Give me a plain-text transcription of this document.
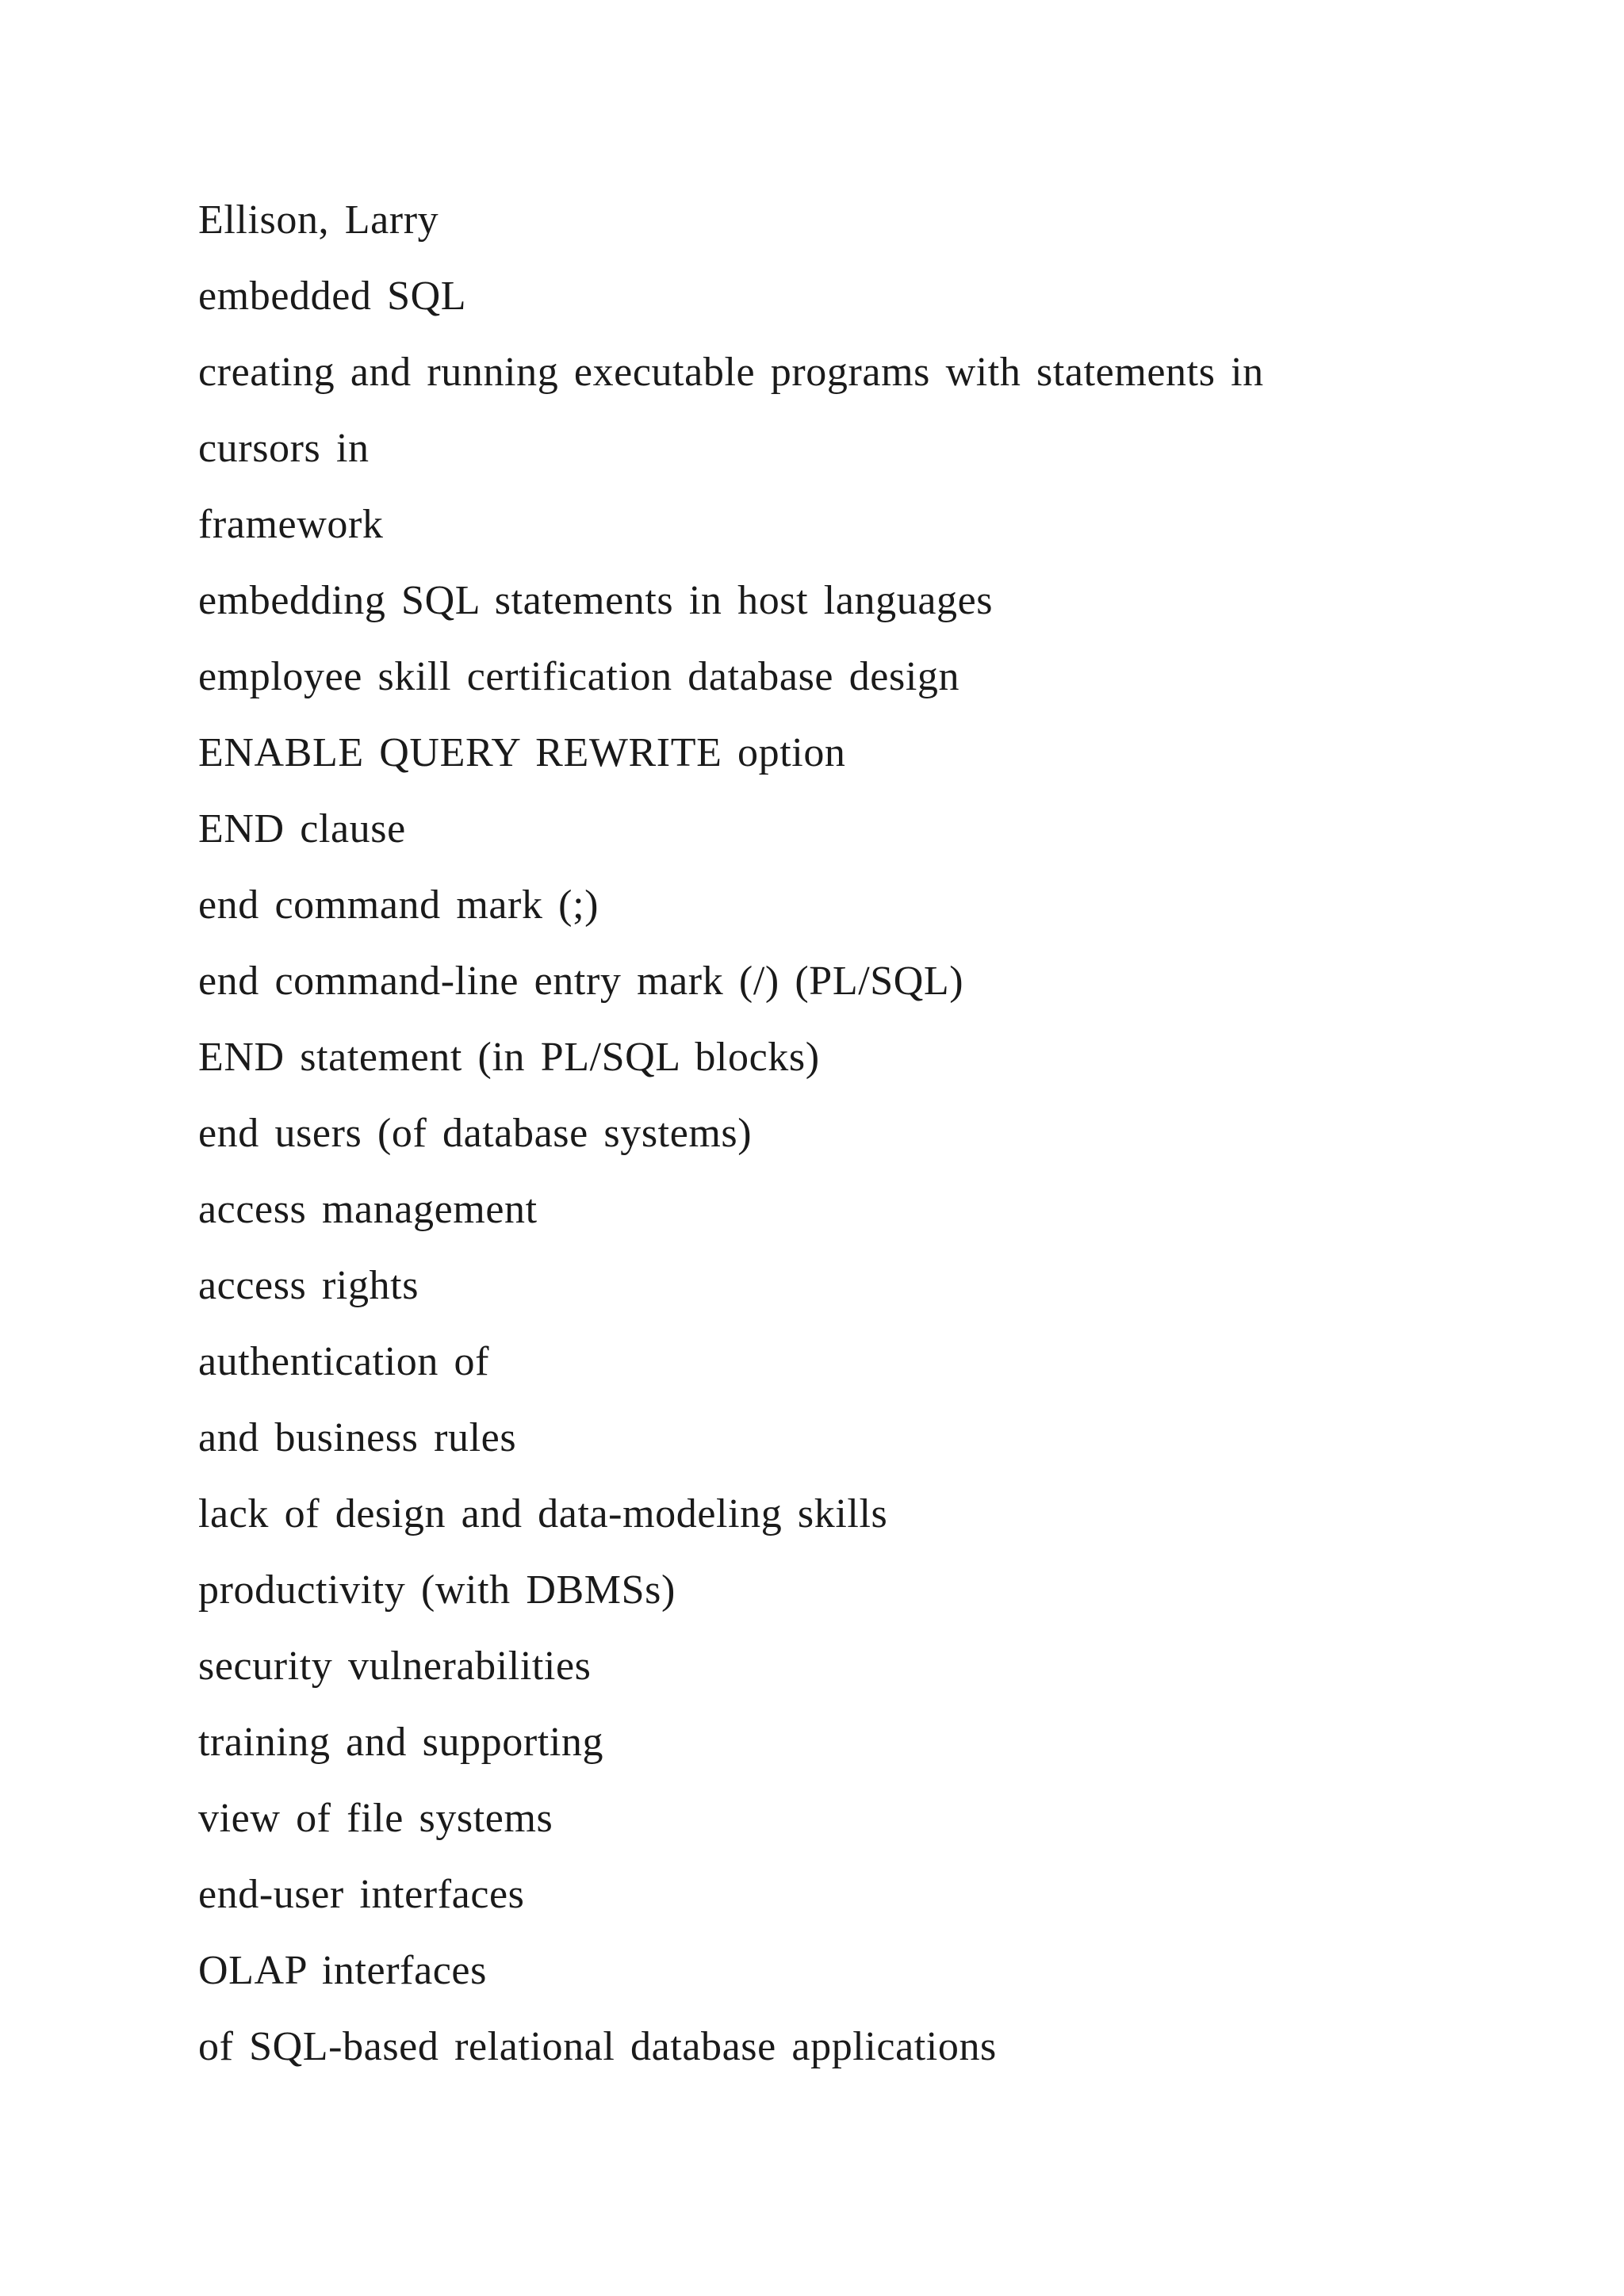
Ellison, Larry
embedded SQL
creating and running executable programs with statements in
cursors in
framework
embedding SQL statements in host languages
employee skill certification database design
ENABLE QUERY REWRITE option
END clause
end command mark (;)
end command-line entry mark (/) (PL/SQL)
END statement (in PL/SQL blocks)
end users (of database systems)
access management
access rights
authentication of
and business rules
lack of design and data-modeling skills
productivity (with DBMSs)
security vulnerabilities
training and supporting
view of file systems
end-user interfaces
OLAP interfaces
of SQL-based relational database applications
